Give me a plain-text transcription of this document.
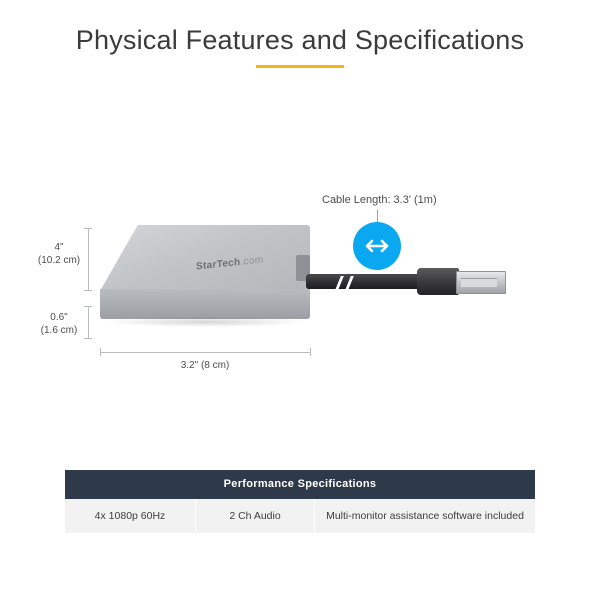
Physical Features and Specifications
Cable Length: 3.3' (1m)
StarTech.com
4"
(10.2 cm)
0.6"
(1.6 cm)
3.2" (8 cm)
Performance Specifications
4x 1080p 60Hz	2 Ch Audio	Multi-monitor assistance software included
